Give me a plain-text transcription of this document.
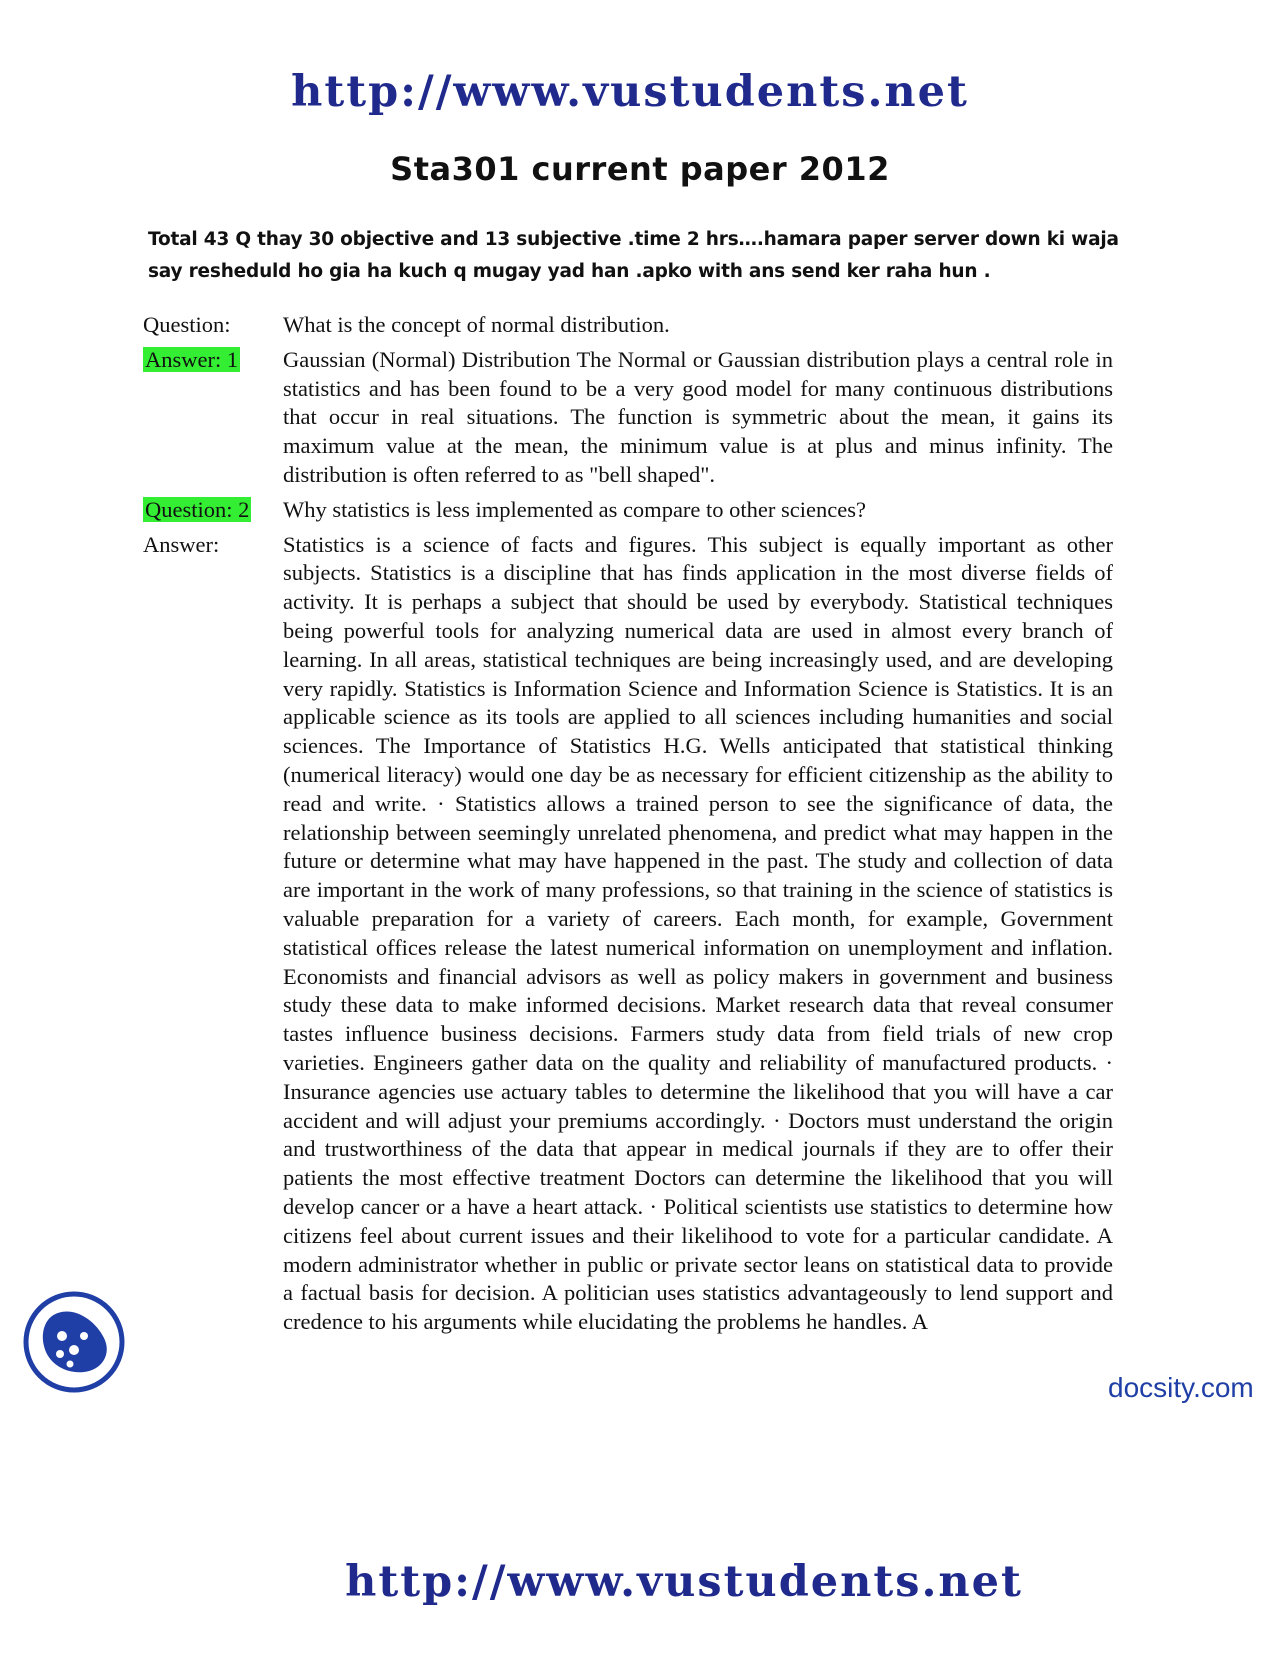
http://www.vustudents.net
Sta301 current paper 2012
Total 43 Q thay 30 objective and 13 subjective .time 2 hrs….hamara paper server down ki waja say resheduld ho gia ha kuch q mugay yad han .apko with ans send ker raha hun .
Question:	What is the concept of normal distribution.
Answer: 1	Gaussian (Normal) Distribution The Normal or Gaussian distribution plays a central role in statistics and has been found to be a very good model for many continuous distributions that occur in real situations. The function is symmetric about the mean, it gains its maximum value at the mean, the minimum value is at plus and minus infinity. The distribution is often referred to as "bell shaped".
Question: 2	Why statistics is less implemented as compare to other sciences?
Answer:	Statistics is a science of facts and figures. This subject is equally important as other subjects. Statistics is a discipline that has finds application in the most diverse fields of activity. It is perhaps a subject that should be used by everybody. Statistical techniques being powerful tools for analyzing numerical data are used in almost every branch of learning. In all areas, statistical techniques are being increasingly used, and are developing very rapidly. Statistics is Information Science and Information Science is Statistics. It is an applicable science as its tools are applied to all sciences including humanities and social sciences. The Importance of Statistics H.G. Wells anticipated that statistical thinking (numerical literacy) would one day be as necessary for efficient citizenship as the ability to read and write. · Statistics allows a trained person to see the significance of data, the relationship between seemingly unrelated phenomena, and predict what may happen in the future or determine what may have happened in the past. The study and collection of data are important in the work of many professions, so that training in the science of statistics is valuable preparation for a variety of careers. Each month, for example, Government statistical offices release the latest numerical information on unemployment and inflation. Economists and financial advisors as well as policy makers in government and business study these data to make informed decisions. Market research data that reveal consumer tastes influence business decisions. Farmers study data from field trials of new crop varieties. Engineers gather data on the quality and reliability of manufactured products. · Insurance agencies use actuary tables to determine the likelihood that you will have a car accident and will adjust your premiums accordingly. · Doctors must understand the origin and trustworthiness of the data that appear in medical journals if they are to offer their patients the most effective treatment Doctors can determine the likelihood that you will develop cancer or a have a heart attack. · Political scientists use statistics to determine how citizens feel about current issues and their likelihood to vote for a particular candidate. A modern administrator whether in public or private sector leans on statistical data to provide a factual basis for decision. A politician uses statistics advantageously to lend support and credence to his arguments while elucidating the problems he handles. A
docsity.com
http://www.vustudents.net
